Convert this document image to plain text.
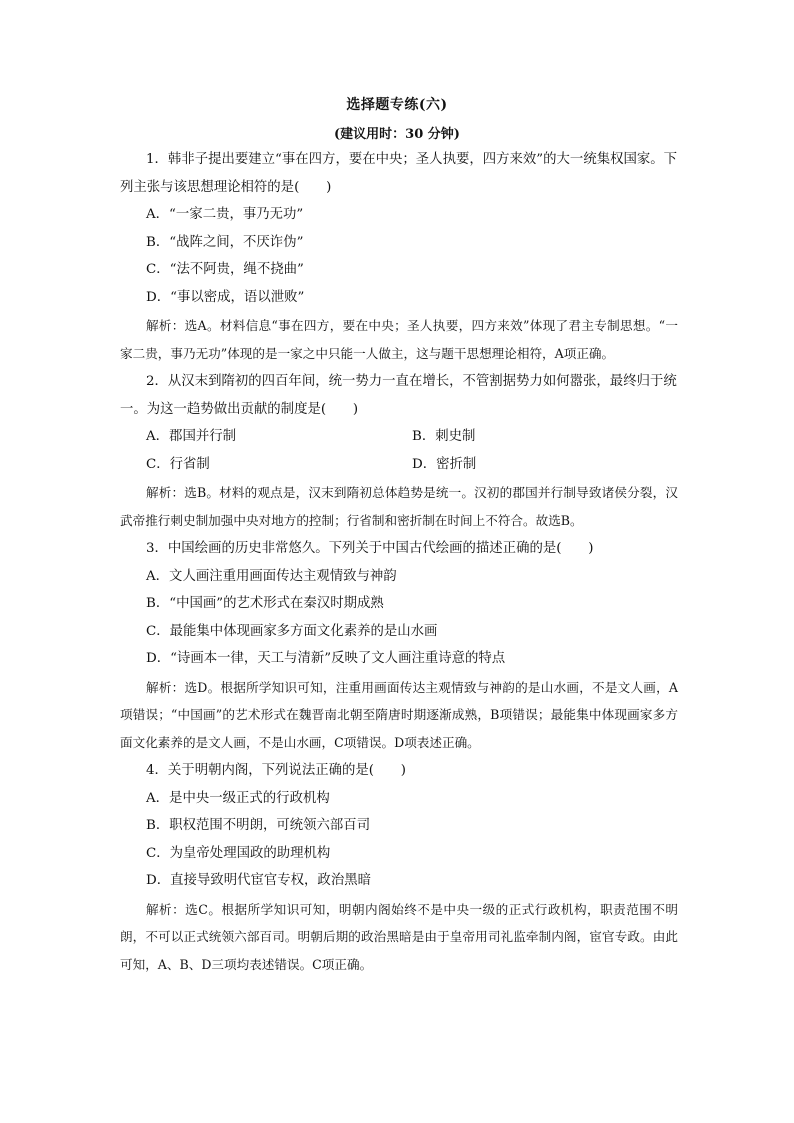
选择题专练(六)
(建议用时：30 分钟)

1．韩非子提出要建立“事在四方，要在中央；圣人执要，四方来效”的大一统集权国家。下列主张与该思想理论相符的是(　　)

A．“一家二贵，事乃无功”

B．“战阵之间，不厌诈伪”

C．“法不阿贵，绳不挠曲”

D．“事以密成，语以泄败”

解析：选A。材料信息“事在四方，要在中央；圣人执要，四方来效”体现了君主专制思想。“一家二贵，事乃无功”体现的是一家之中只能一人做主，这与题干思想理论相符，A项正确。

2．从汉末到隋初的四百年间，统一势力一直在增长，不管割据势力如何嚣张，最终归于统一。为这一趋势做出贡献的制度是(　　)

A．郡国并行制	B．刺史制

C．行省制	D．密折制

解析：选B。材料的观点是，汉末到隋初总体趋势是统一。汉初的郡国并行制导致诸侯分裂，汉武帝推行刺史制加强中央对地方的控制；行省制和密折制在时间上不符合。故选B。

3．中国绘画的历史非常悠久。下列关于中国古代绘画的描述正确的是(　　)

A．文人画注重用画面传达主观情致与神韵

B．“中国画”的艺术形式在秦汉时期成熟

C．最能集中体现画家多方面文化素养的是山水画

D．“诗画本一律，天工与清新”反映了文人画注重诗意的特点

解析：选D。根据所学知识可知，注重用画面传达主观情致与神韵的是山水画，不是文人画，A项错误；“中国画”的艺术形式在魏晋南北朝至隋唐时期逐渐成熟，B项错误；最能集中体现画家多方面文化素养的是文人画，不是山水画，C项错误。D项表述正确。

4．关于明朝内阁，下列说法正确的是(　　)

A．是中央一级正式的行政机构

B．职权范围不明朗，可统领六部百司

C．为皇帝处理国政的助理机构

D．直接导致明代宦官专权，政治黑暗

解析：选C。根据所学知识可知，明朝内阁始终不是中央一级的正式行政机构，职责范围不明朗，不可以正式统领六部百司。明朝后期的政治黑暗是由于皇帝用司礼监牵制内阁，宦官专政。由此可知，A、B、D三项均表述错误。C项正确。
